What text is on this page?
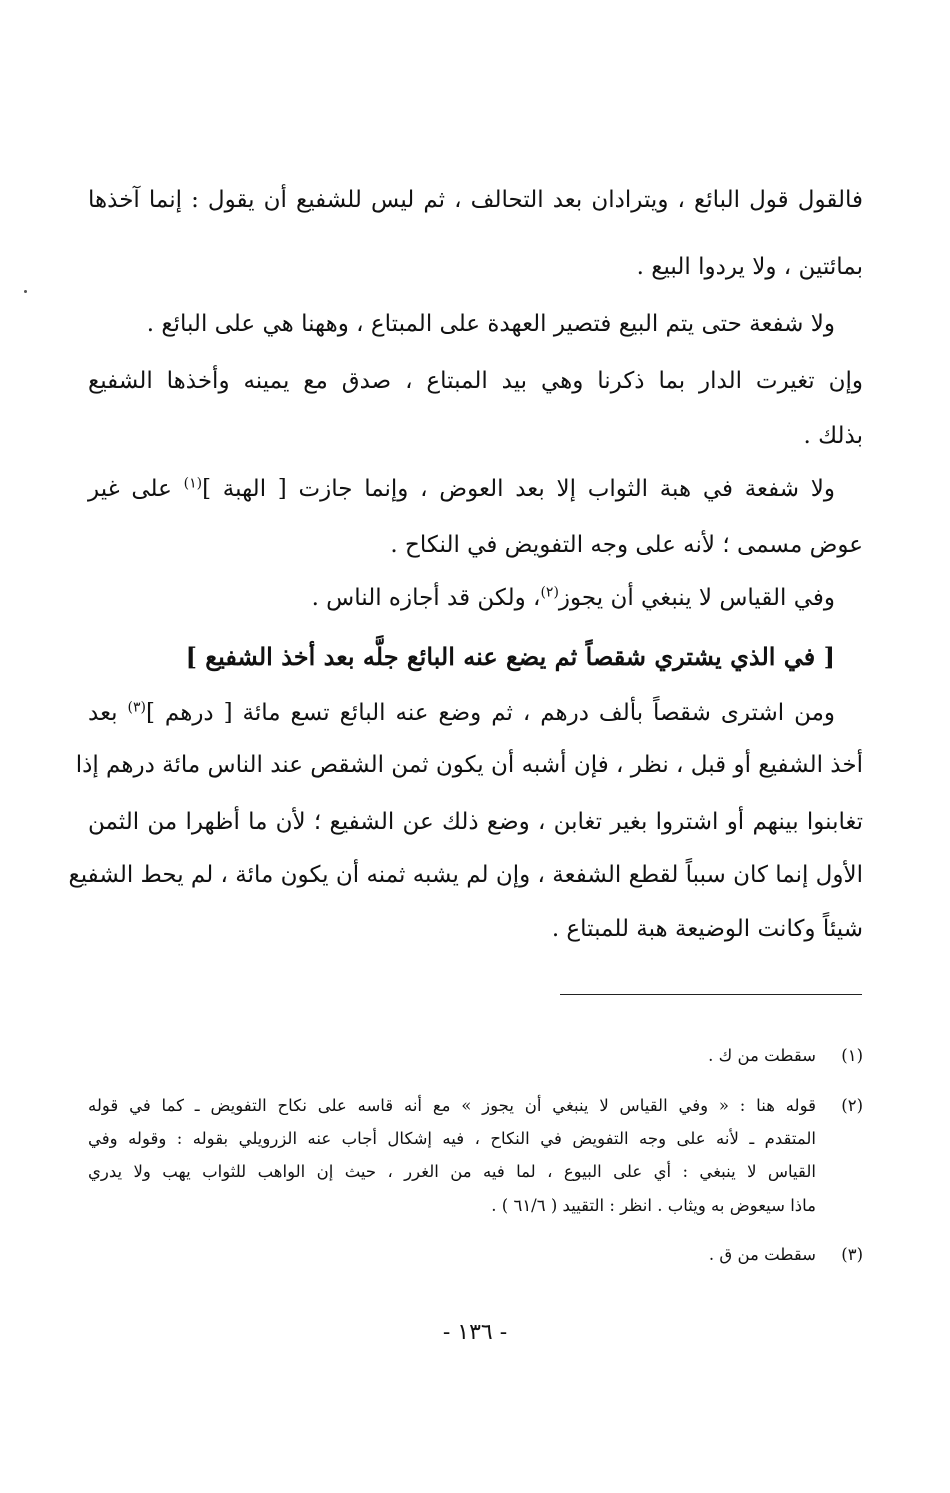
فالقول قول البائع ، ويترادان بعد التحالف ، ثم ليس للشفيع أن يقول : إنما آخذها
بمائتين ، ولا يردوا البيع .
ولا شفعة حتى يتم البيع فتصير العهدة على المبتاع ، وههنا هي على البائع .
وإن تغيرت الدار بما ذكرنا وهي بيد المبتاع ، صدق مع يمينه وأخذها الشفيع
بذلك .
ولا شفعة في هبة الثواب إلا بعد العوض ، وإنما جازت [ الهبة ]$^{(١)}$ على غير
عوض مسمى ؛ لأنه على وجه التفويض في النكاح .
وفي القياس لا ينبغي أن يجوز$^{(٢)}$، ولكن قد أجازه الناس .
[ في الذي يشتري شقصاً ثم يضع عنه البائع جلَّه بعد أخذ الشفيع ]
ومن اشترى شقصاً بألف درهم ، ثم وضع عنه البائع تسع مائة [ درهم ]$^{(٣)}$ بعد
أخذ الشفيع أو قبل ، نظر ، فإن أشبه أن يكون ثمن الشقص عند الناس مائة درهم إذا
تغابنوا بينهم أو اشتروا بغير تغابن ، وضع ذلك عن الشفيع ؛ لأن ما أظهرا من الثمن
الأول إنما كان سبباً لقطع الشفعة ، وإن لم يشبه ثمنه أن يكون مائة ، لم يحط الشفيع
شيئاً وكانت الوضيعة هبة للمبتاع .
(١)
سقطت من ك .
(٢)
قوله هنا : « وفي القياس لا ينبغي أن يجوز » مع أنه قاسه على نكاح التفويض ـ كما في قوله
المتقدم ـ لأنه على وجه التفويض في النكاح ، فيه إشكال أجاب عنه الزرويلي بقوله : وقوله وفي
القياس لا ينبغي : أي على البيوع ، لما فيه من الغرر ، حيث إن الواهب للثواب يهب ولا يدري
ماذا سيعوض به ويثاب . انظر : التقييد ( ٦١/٦ ) .
(٣)
سقطت من ق .
- ١٣٦ -
